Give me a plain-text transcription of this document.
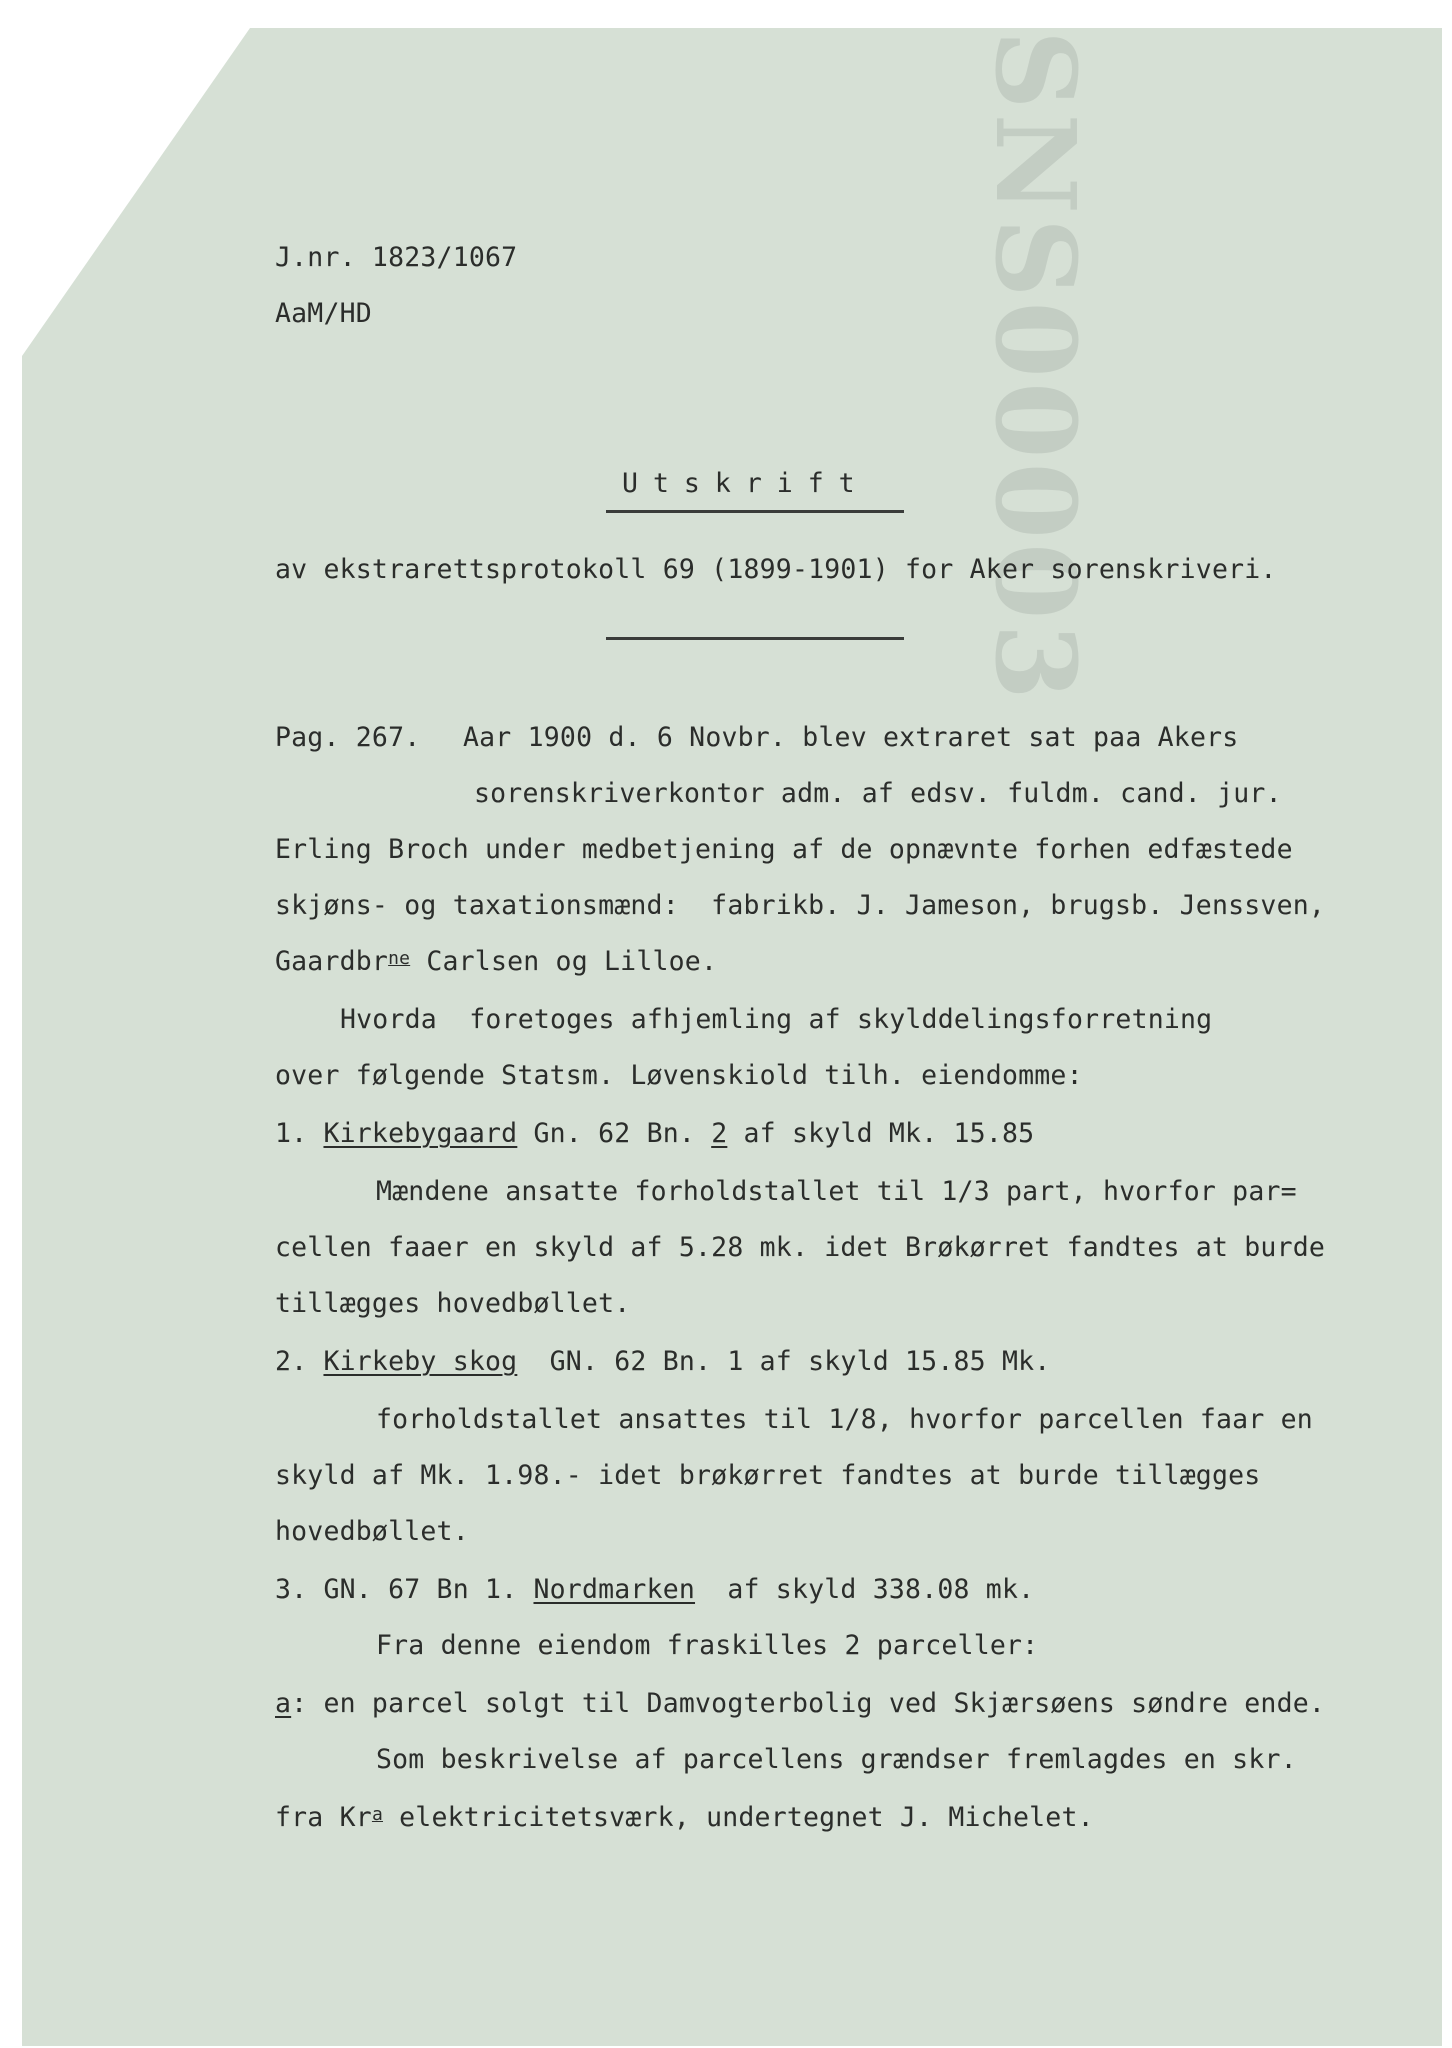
SNS00003
J.nr. 1823/1067
AaM/HD
Utskrift
av ekstrarettsprotokoll 69 (1899-1901) for Aker sorenskriveri.
Pag. 267. Aar 1900 d. 6 Novbr. blev extraret sat paa Akers
sorenskriverkontor adm. af edsv. fuldm. cand. jur.
Erling Broch under medbetjening af de opnævnte forhen edfæstede
skjøns- og taxationsmænd:  fabrikb. J. Jameson, brugsb. Jenssven,
Gaardbr$^{ne}$ Carlsen og Lilloe.
Hvorda  foretoges afhjemling af skylddelingsforretning
over følgende Statsm. Løvenskiold tilh. eiendomme:
1. Kirkebygaard Gn. 62 Bn. 2 af skyld Mk. 15.85
Mændene ansatte forholdstallet til 1/3 part, hvorfor par=
cellen faaer en skyld af 5.28 mk. idet Brøkørret fandtes at burde
tillægges hovedbøllet.
2. Kirkeby skog  GN. 62 Bn. 1 af skyld 15.85 Mk.
forholdstallet ansattes til 1/8, hvorfor parcellen faar en
skyld af Mk. 1.98.- idet brøkørret fandtes at burde tillægges
hovedbøllet.
3. GN. 67 Bn 1. Nordmarken  af skyld 338.08 mk.
Fra denne eiendom fraskilles 2 parceller:
a: en parcel solgt til Damvogterbolig ved Skjærsøens søndre ende.
Som beskrivelse af parcellens grændser fremlagdes en skr.
fra Kr$^a$ elektricitetsværk, undertegnet J. Michelet.
